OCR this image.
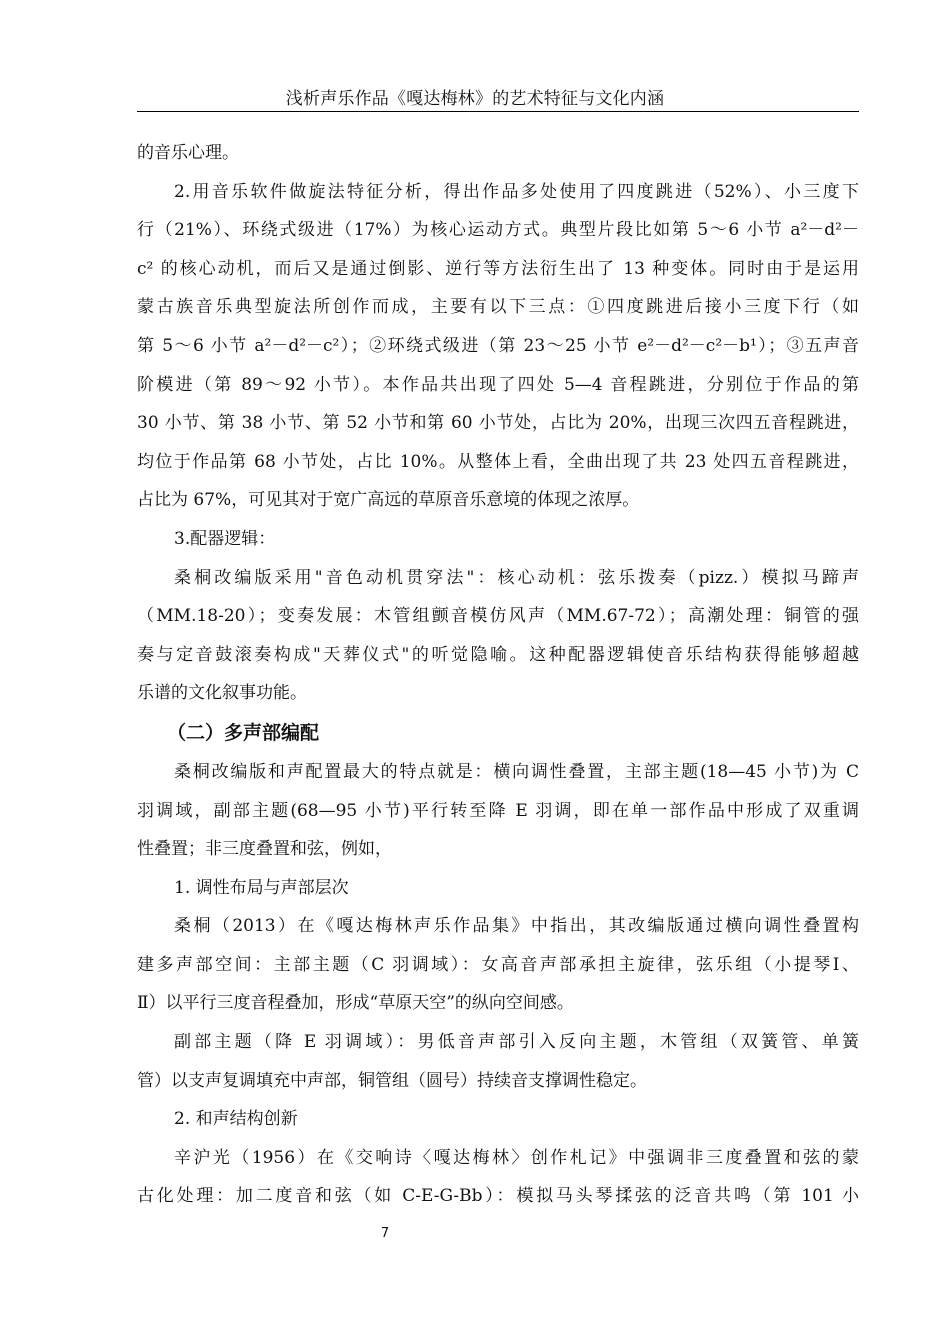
浅析声乐作品《嘎达梅林》的艺术特征与文化内涵
的音乐心理。
2.用音乐软件做旋法特征分析，得出作品多处使用了四度跳进（52%）、小三度下
行（21%）、环绕式级进（17%）为核心运动方式。典型片段比如第 5～6 小节 a²－d²－
c² 的核心动机，而后又是通过倒影、逆行等方法衍生出了 13 种变体。同时由于是运用
蒙古族音乐典型旋法所创作而成，主要有以下三点：①四度跳进后接小三度下行（如
第 5～6 小节 a²－d²－c²）；②环绕式级进（第 23～25 小节 e²－d²－c²－b¹）；③五声音
阶模进（第 89～92 小节）。本作品共出现了四处 5—4 音程跳进，分别位于作品的第
30 小节、第 38 小节、第 52 小节和第 60 小节处，占比为 20%，出现三次四五音程跳进，
均位于作品第 68 小节处，占比 10%。从整体上看，全曲出现了共 23 处四五音程跳进，
占比为 67%，可见其对于宽广高远的草原音乐意境的体现之浓厚。
3.配器逻辑：
桑桐改编版采用"音色动机贯穿法"：核心动机：弦乐拨奏（pizz.）模拟马蹄声
（MM.18-20）；变奏发展：木管组颤音模仿风声（MM.67-72）；高潮处理：铜管的强
奏与定音鼓滚奏构成"天葬仪式"的听觉隐喻。这种配器逻辑使音乐结构获得能够超越
乐谱的文化叙事功能。
（二）多声部编配
桑桐改编版和声配置最大的特点就是：横向调性叠置，主部主题(18—45 小节)为 C
羽调域，副部主题(68—95 小节)平行转至降 E 羽调，即在单一部作品中形成了双重调
性叠置；非三度叠置和弦，例如，
1. 调性布局与声部层次
桑桐（2013）在《嘎达梅林声乐作品集》中指出，其改编版通过横向调性叠置构
建多声部空间：主部主题（C 羽调域）：女高音声部承担主旋律，弦乐组（小提琴Ⅰ、
Ⅱ）以平行三度音程叠加，形成“草原天空”的纵向空间感。
副部主题（降 E 羽调域）：男低音声部引入反向主题，木管组（双簧管、单簧
管）以支声复调填充中声部，铜管组（圆号）持续音支撑调性稳定。
2. 和声结构创新
辛沪光（1956）在《交响诗〈嘎达梅林〉创作札记》中强调非三度叠置和弦的蒙
古化处理：加二度音和弦（如 C-E-G-Bb）：模拟马头琴揉弦的泛音共鸣（第 101 小
7
